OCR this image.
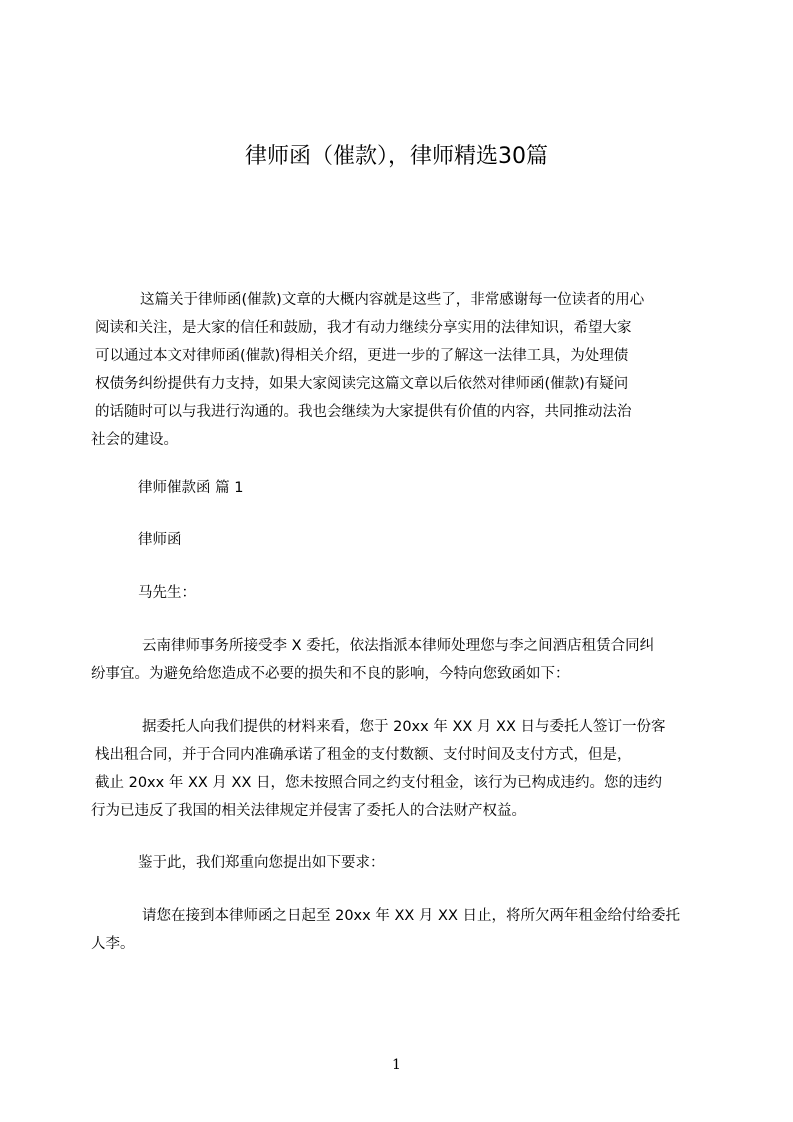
律师函（催款），律师精选30篇
这篇关于律师函(催款)文章的大概内容就是这些了，非常感谢每一位读者的用心
阅读和关注，是大家的信任和鼓励，我才有动力继续分享实用的法律知识，希望大家
可以通过本文对律师函(催款)得相关介绍，更进一步的了解这一法律工具，为处理债
权债务纠纷提供有力支持，如果大家阅读完这篇文章以后依然对律师函(催款)有疑问
的话随时可以与我进行沟通的。我也会继续为大家提供有价值的内容，共同推动法治
社会的建设。
律师催款函 篇 1
律师函
马先生：
云南律师事务所接受李 X 委托，依法指派本律师处理您与李之间酒店租赁合同纠
纷事宜。为避免给您造成不必要的损失和不良的影响，今特向您致函如下：
据委托人向我们提供的材料来看，您于 20xx 年 XX 月 XX 日与委托人签订一份客
栈出租合同，并于合同内准确承诺了租金的支付数额、支付时间及支付方式，但是，
截止 20xx 年 XX 月 XX 日，您未按照合同之约支付租金，该行为已构成违约。您的违约
行为已违反了我国的相关法律规定并侵害了委托人的合法财产权益。
鉴于此，我们郑重向您提出如下要求：
请您在接到本律师函之日起至 20xx 年 XX 月 XX 日止，将所欠两年租金给付给委托
人李。
1
